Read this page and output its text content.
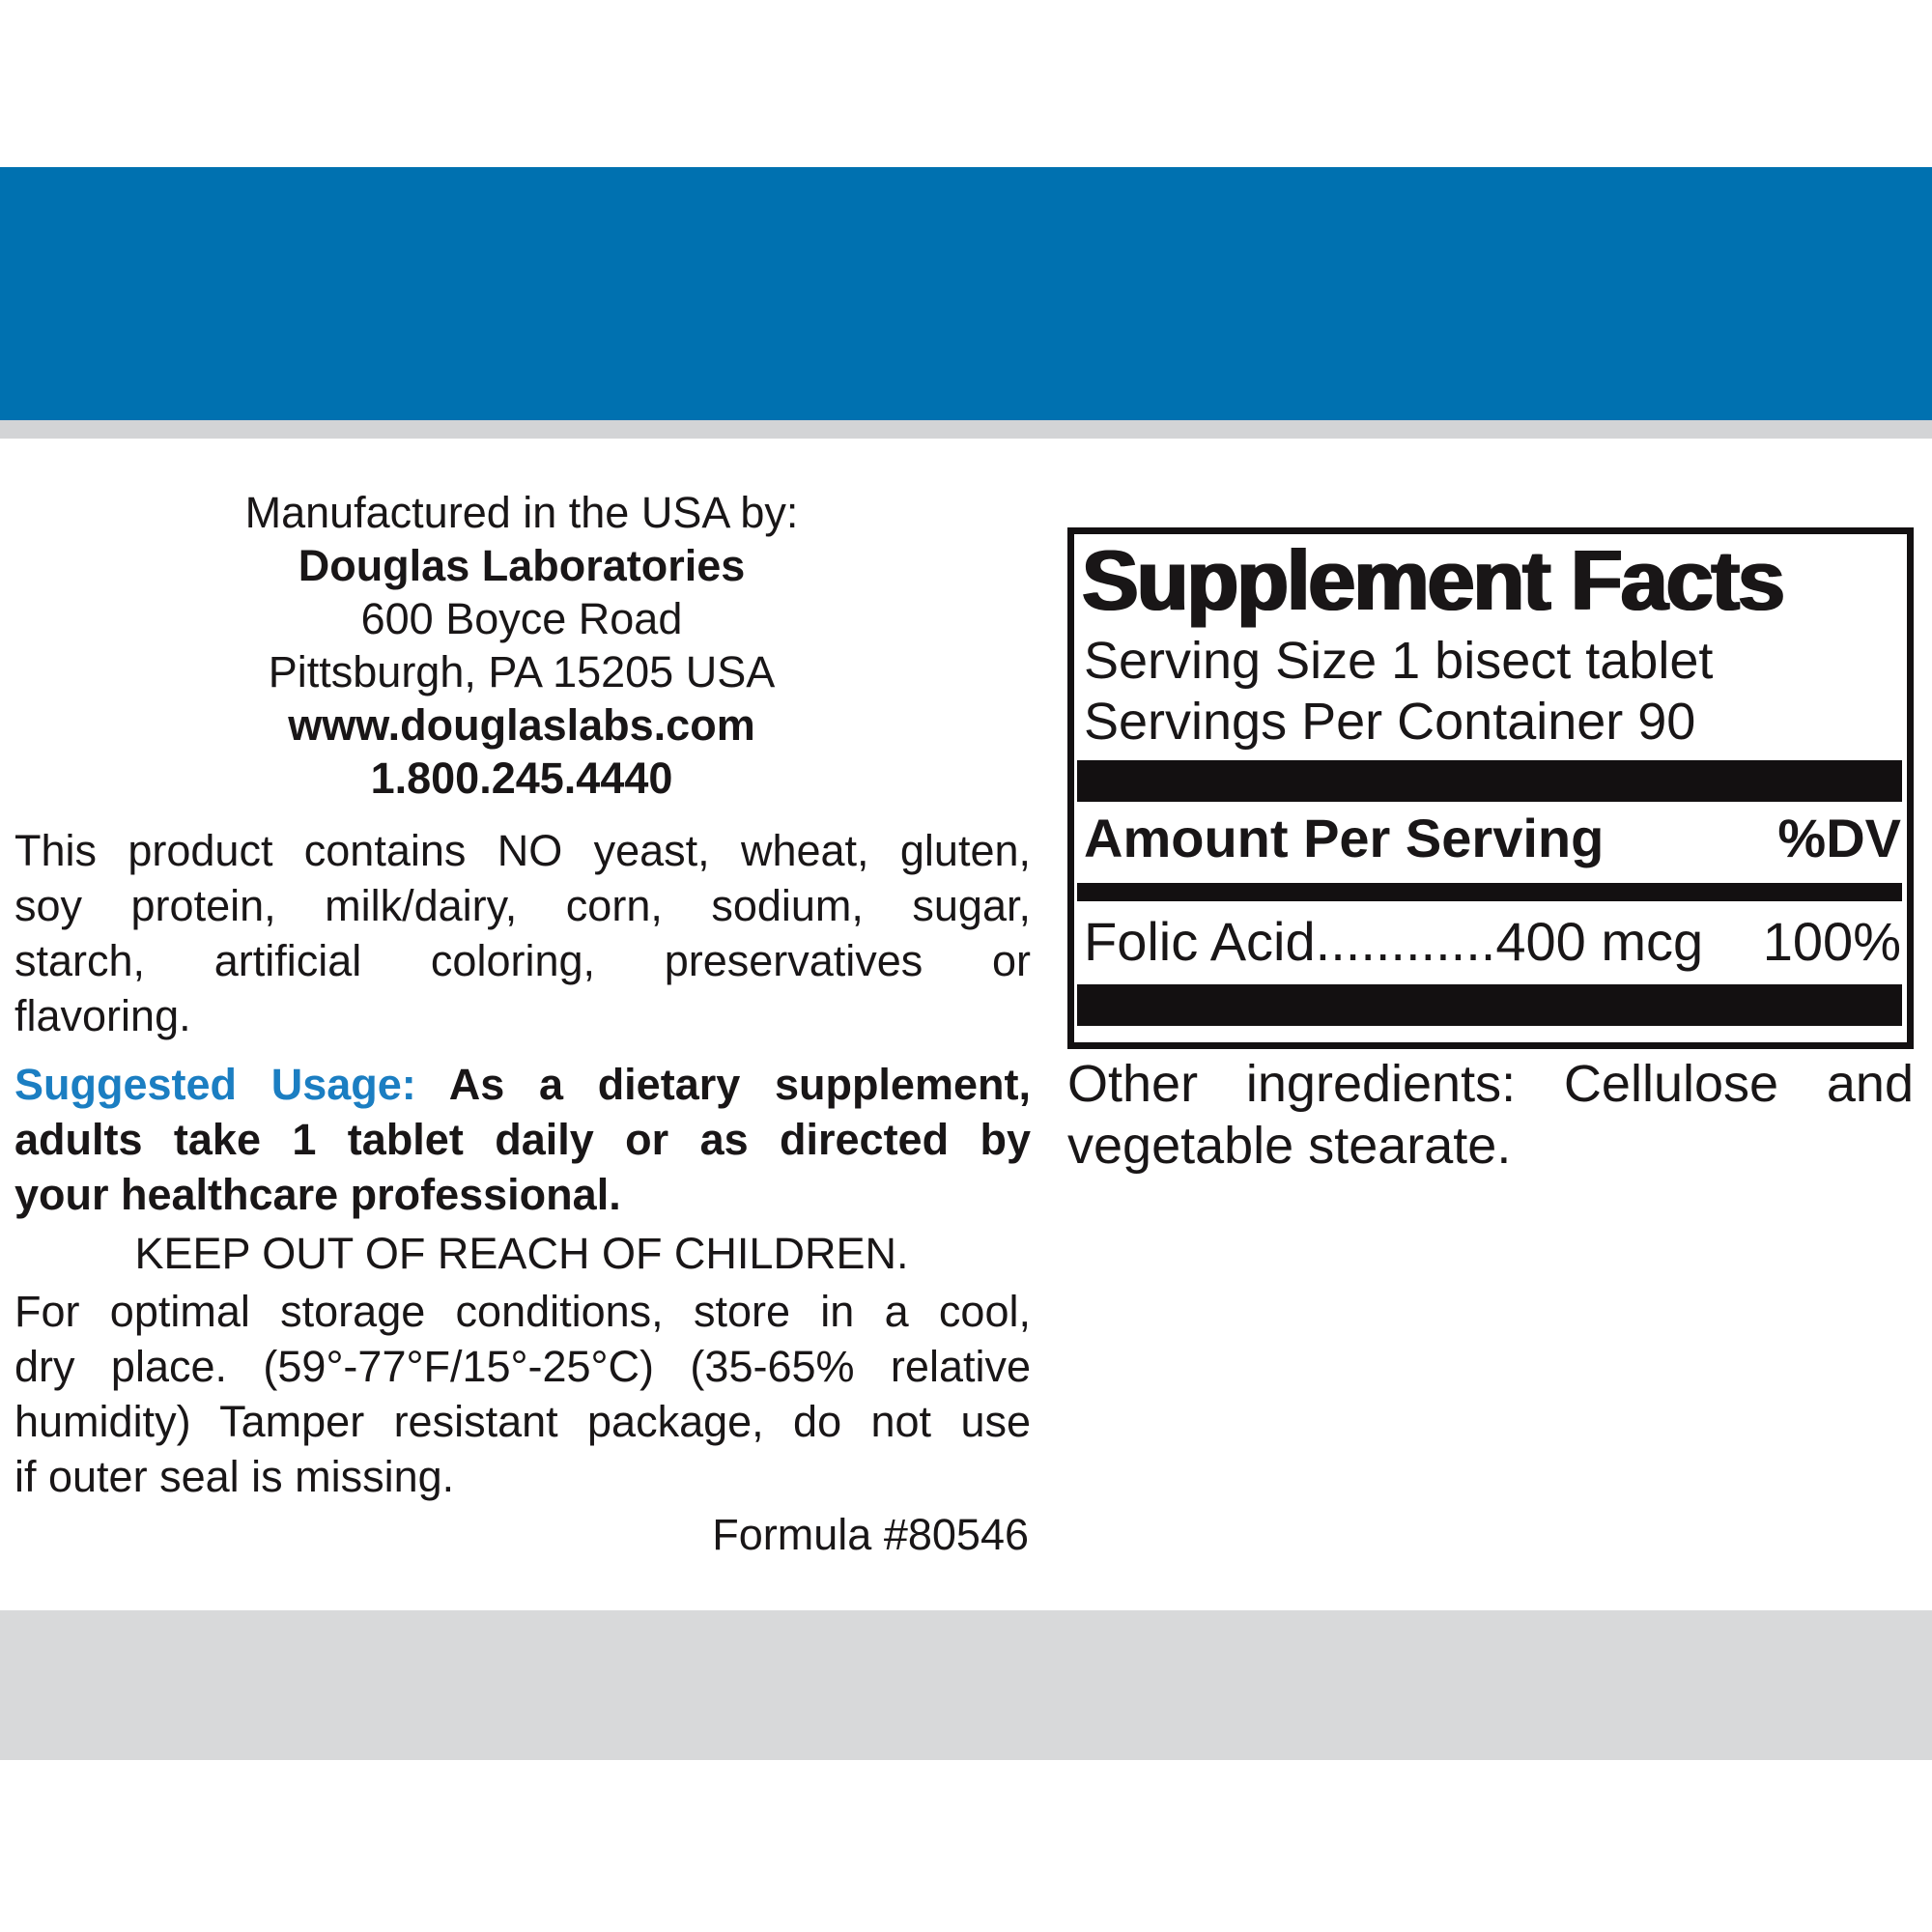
Manufactured in the USA by:
Douglas Laboratories
600 Boyce Road
Pittsburgh, PA 15205 USA
www.douglaslabs.com
1.800.245.4440
This product contains NO yeast, wheat, gluten,
soy protein, milk/dairy, corn, sodium, sugar,
starch, artificial coloring, preservatives or
flavoring.
Suggested Usage: As a dietary supplement,
adults take 1 tablet daily or as directed by
your healthcare professional.
KEEP OUT OF REACH OF CHILDREN.
For optimal storage conditions, store in a cool,
dry place. (59°-77°F/15°-25°C) (35-65% relative
humidity) Tamper resistant package, do not use
if outer seal is missing.
Formula #80546
Supplement Facts
Serving Size 1 bisect tablet
Servings Per Container 90
Amount Per Serving	%DV
Folic Acid............400 mcg 100%
Other ingredients: Cellulose and
vegetable stearate.
